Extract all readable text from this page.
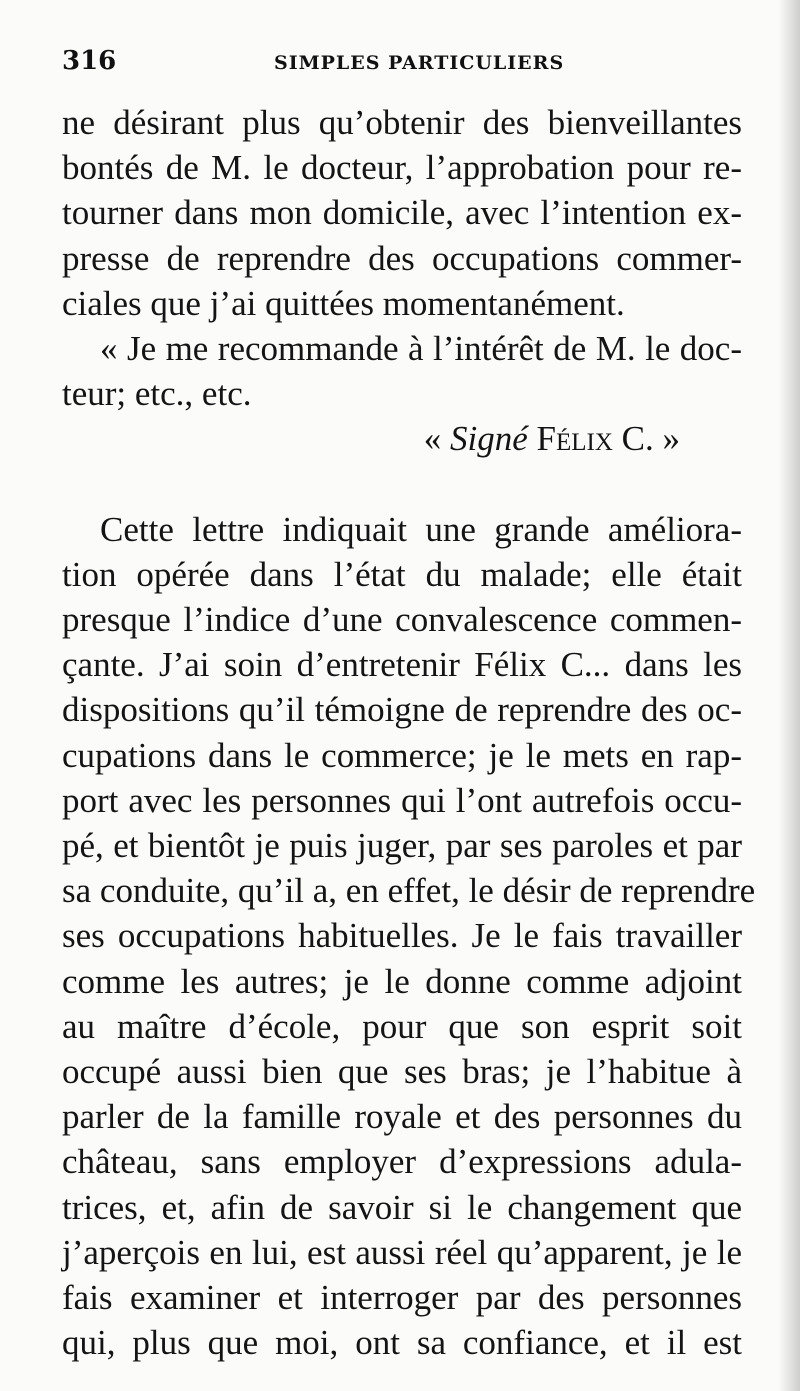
316	SIMPLES PARTICULIERS
ne désirant plus qu’obtenir des bienveillantes
bontés de M. le docteur, l’approbation pour re-
tourner dans mon domicile, avec l’intention ex-
presse de reprendre des occupations commer-
ciales que j’ai quittées momentanément.
« Je me recommande à l’intérêt de M. le doc-
teur; etc., etc.
« Signé Félix C. »
Cette lettre indiquait une grande améliora-
tion opérée dans l’état du malade; elle était
presque l’indice d’une convalescence commen-
çante. J’ai soin d’entretenir Félix C... dans les
dispositions qu’il témoigne de reprendre des oc-
cupations dans le commerce; je le mets en rap-
port avec les personnes qui l’ont autrefois occu-
pé, et bientôt je puis juger, par ses paroles et par
sa conduite, qu’il a, en effet, le désir de reprendre
ses occupations habituelles. Je le fais travailler
comme les autres; je le donne comme adjoint
au maître d’école, pour que son esprit soit
occupé aussi bien que ses bras; je l’habitue à
parler de la famille royale et des personnes du
château, sans employer d’expressions adula-
trices, et, afin de savoir si le changement que
j’aperçois en lui, est aussi réel qu’apparent, je le
fais examiner et interroger par des personnes
qui, plus que moi, ont sa confiance, et il est
